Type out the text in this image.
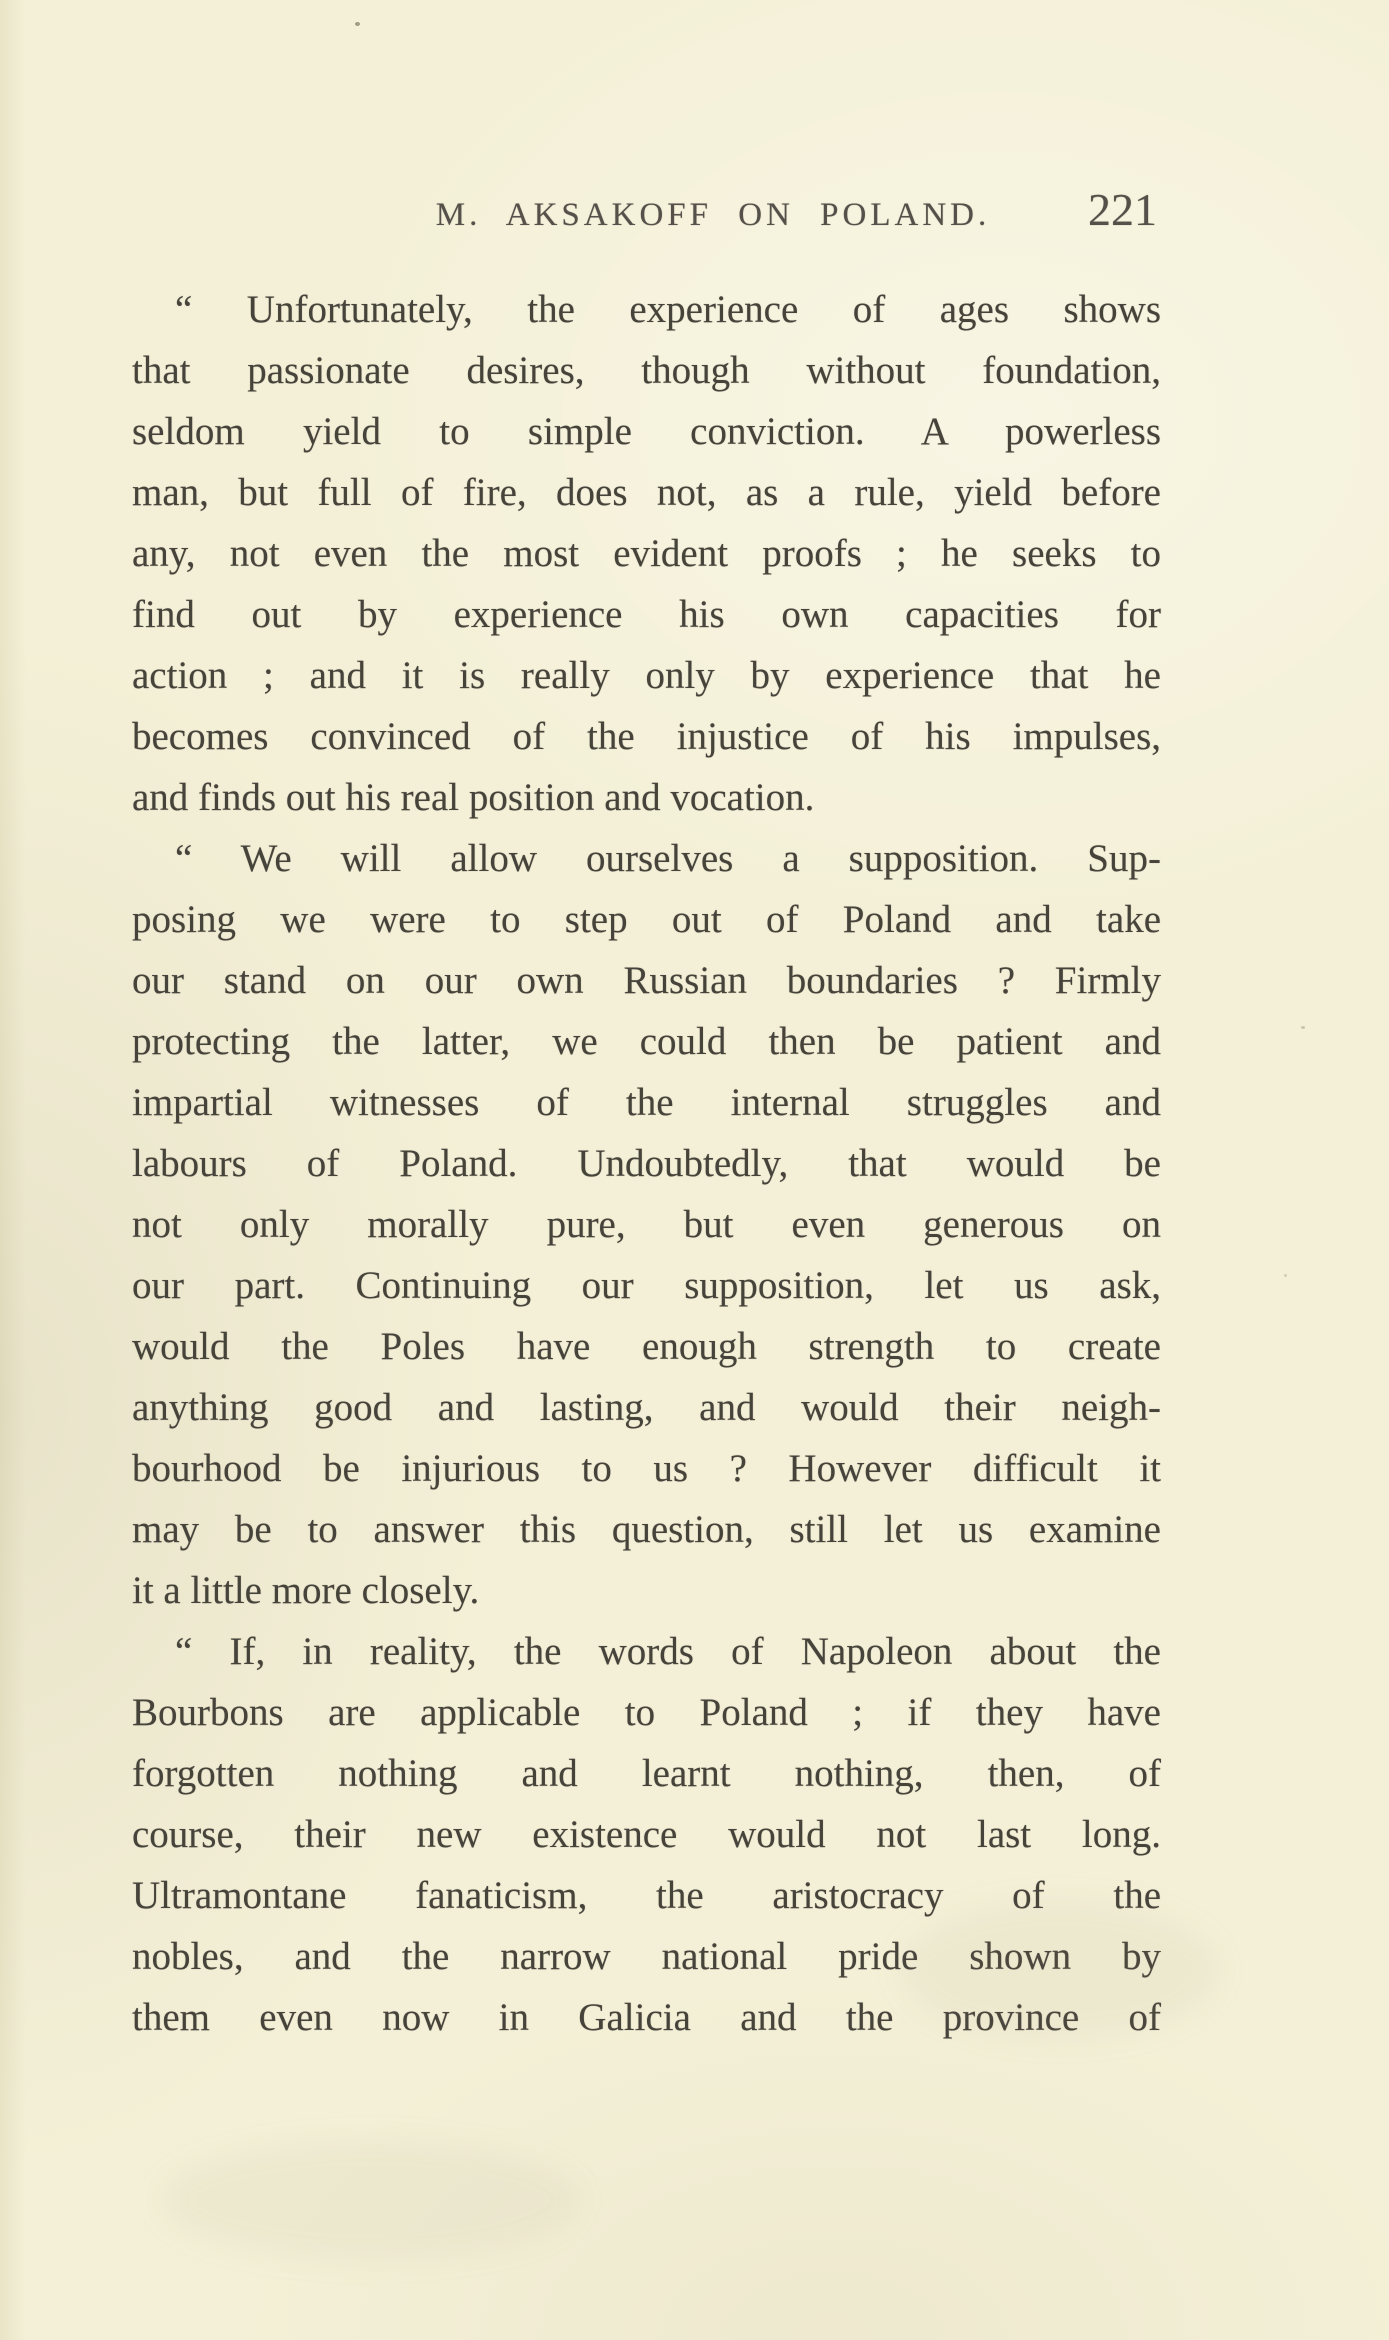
M. AKSAKOFF ON POLAND. 221
“ Unfortunately, the experience of ages shows
that passionate desires, though without foundation,
seldom yield to simple conviction. A powerless
man, but full of fire, does not, as a rule, yield before
any, not even the most evident proofs ; he seeks to
find out by experience his own capacities for
action ; and it is really only by experience that he
becomes convinced of the injustice of his impulses,
and finds out his real position and vocation.
“ We will allow ourselves a supposition. Sup-
posing we were to step out of Poland and take
our stand on our own Russian boundaries ? Firmly
protecting the latter, we could then be patient and
impartial witnesses of the internal struggles and
labours of Poland. Undoubtedly, that would be
not only morally pure, but even generous on
our part. Continuing our supposition, let us ask,
would the Poles have enough strength to create
anything good and lasting, and would their neigh-
bourhood be injurious to us ? However difficult it
may be to answer this question, still let us examine
it a little more closely.
“ If, in reality, the words of Napoleon about the
Bourbons are applicable to Poland ; if they have
forgotten nothing and learnt nothing, then, of
course, their new existence would not last long.
Ultramontane fanaticism, the aristocracy of the
nobles, and the narrow national pride shown by
them even now in Galicia and the province of
